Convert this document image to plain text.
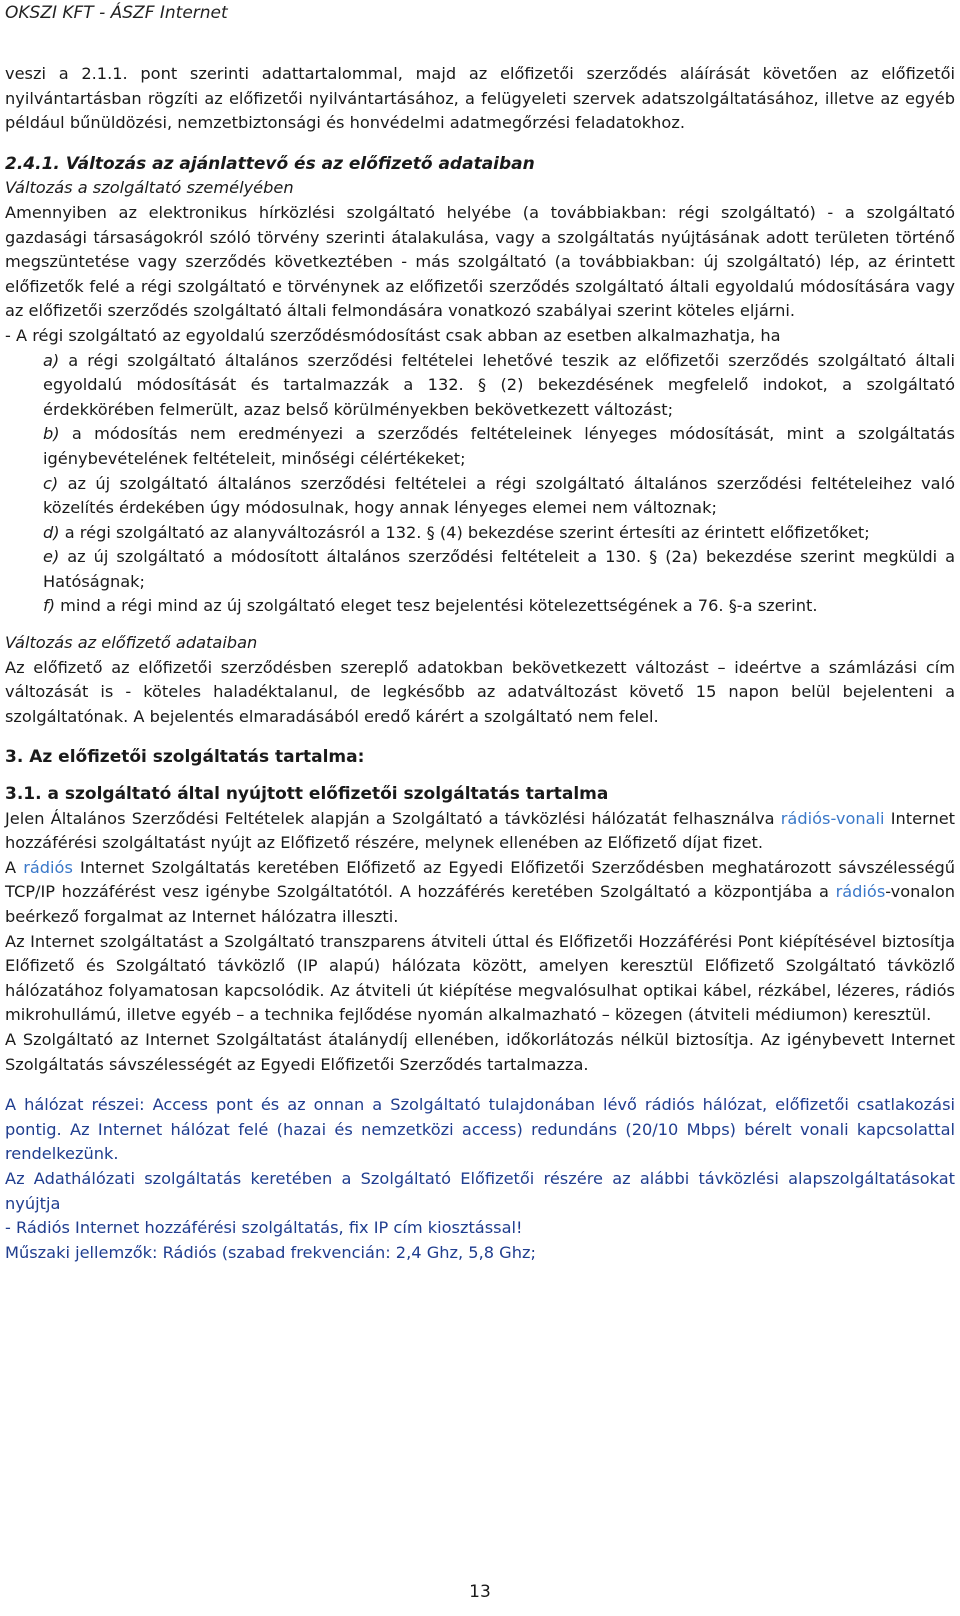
OKSZI KFT - ÁSZF Internet

veszi a 2.1.1. pont szerinti adattartalommal, majd az előfizetői szerződés aláírását követően az előfizetői nyilvántartásban rögzíti az előfizetői nyilvántartásához, a felügyeleti szervek adatszolgáltatásához, illetve az egyéb például bűnüldözési, nemzetbiztonsági és honvédelmi adatmegőrzési feladatokhoz.

2.4.1. Változás az ajánlattevő és az előfizető adataiban

Változás a szolgáltató személyében

Amennyiben az elektronikus hírközlési szolgáltató helyébe (a továbbiakban: régi szolgáltató) - a szolgáltató gazdasági társaságokról szóló törvény szerinti átalakulása, vagy a szolgáltatás nyújtásának adott területen történő megszüntetése vagy szerződés következtében - más szolgáltató (a továbbiakban: új szolgáltató) lép, az érintett előfizetők felé a régi szolgáltató e törvénynek az előfizetői szerződés szolgáltató általi egyoldalú módosítására vagy az előfizetői szerződés szolgáltató általi felmondására vonatkozó szabályai szerint köteles eljárni.

- A régi szolgáltató az egyoldalú szerződésmódosítást csak abban az esetben alkalmazhatja, ha

a) a régi szolgáltató általános szerződési feltételei lehetővé teszik az előfizetői szerződés szolgáltató általi egyoldalú módosítását és tartalmazzák a 132. § (2) bekezdésének megfelelő indokot, a szolgáltató érdekkörében felmerült, azaz belső körülményekben bekövetkezett változást;

b) a módosítás nem eredményezi a szerződés feltételeinek lényeges módosítását, mint a szolgáltatás igénybevételének feltételeit, minőségi célértékeket;

c) az új szolgáltató általános szerződési feltételei a régi szolgáltató általános szerződési feltételeihez való közelítés érdekében úgy módosulnak, hogy annak lényeges elemei nem változnak;

d) a régi szolgáltató az alanyváltozásról a 132. § (4) bekezdése szerint értesíti az érintett előfizetőket;

e) az új szolgáltató a módosított általános szerződési feltételeit a 130. § (2a) bekezdése szerint megküldi a Hatóságnak;

f) mind a régi mind az új szolgáltató eleget tesz bejelentési kötelezettségének a 76. §-a szerint.

Változás az előfizető adataiban

Az előfizető az előfizetői szerződésben szereplő adatokban bekövetkezett változást – ideértve a számlázási cím változását is - köteles haladéktalanul, de legkésőbb az adatváltozást követő 15 napon belül bejelenteni a szolgáltatónak. A bejelentés elmaradásából eredő kárért a szolgáltató nem felel.

3. Az előfizetői szolgáltatás tartalma:

3.1. a szolgáltató által nyújtott előfizetői szolgáltatás tartalma

Jelen Általános Szerződési Feltételek alapján a Szolgáltató a távközlési hálózatát felhasználva rádiós-vonali Internet hozzáférési szolgáltatást nyújt az Előfizető részére, melynek ellenében az Előfizető díjat fizet.

A rádiós Internet Szolgáltatás keretében Előfizető az Egyedi Előfizetői Szerződésben meghatározott sávszélességű TCP/IP hozzáférést vesz igénybe Szolgáltatótól. A hozzáférés keretében Szolgáltató a központjába a rádiós-vonalon beérkező forgalmat az Internet hálózatra illeszti.

Az Internet szolgáltatást a Szolgáltató transzparens átviteli úttal és Előfizetői Hozzáférési Pont kiépítésével biztosítja Előfizető és Szolgáltató távközlő (IP alapú) hálózata között, amelyen keresztül Előfizető Szolgáltató távközlő hálózatához folyamatosan kapcsolódik. Az átviteli út kiépítése megvalósulhat optikai kábel, rézkábel, lézeres, rádiós mikrohullámú, illetve egyéb – a technika fejlődése nyomán alkalmazható – közegen (átviteli médiumon) keresztül.

A Szolgáltató az Internet Szolgáltatást átalánydíj ellenében, időkorlátozás nélkül biztosítja. Az igénybevett Internet Szolgáltatás sávszélességét az Egyedi Előfizetői Szerződés tartalmazza.

A hálózat részei: Access pont és az onnan a Szolgáltató tulajdonában lévő rádiós hálózat, előfizetői csatlakozási pontig. Az Internet hálózat felé (hazai és nemzetközi access) redundáns (20/10 Mbps) bérelt vonali kapcsolattal rendelkezünk.

Az Adathálózati szolgáltatás keretében a Szolgáltató Előfizetői részére az alábbi távközlési alapszolgáltatásokat nyújtja

- Rádiós Internet hozzáférési szolgáltatás, fix IP cím kiosztással!

Műszaki jellemzők: Rádiós (szabad frekvencián: 2,4 Ghz, 5,8 Ghz;

13
